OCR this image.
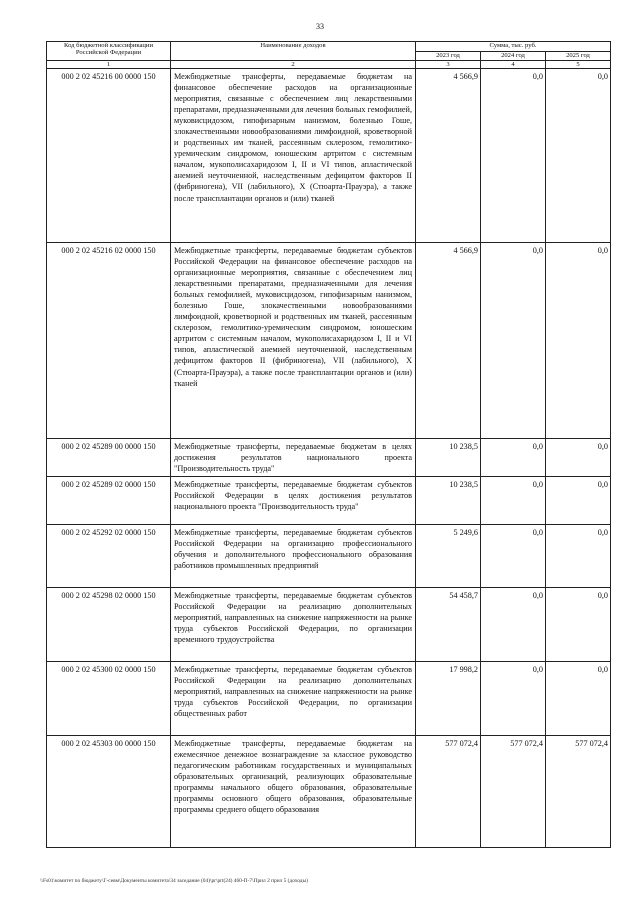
33
Код бюджетной классификации Российской Федерации	Наименование доходов	Сумма, тыс. руб.		
		2023 год	2024 год	2025 год
1	2	3	4	5
000 2 02 45216 00 0000 150	Межбюджетные трансферты, передаваемые бюджетам на финансовое обеспечение расходов на организационные мероприятия, связанные с обеспечением лиц лекарственными препаратами, предназначенными для лечения больных гемофилией, муковисцидозом, гипофизарным нанизмом, болезнью Гоше, злокачественными новообразованиями лимфоидной, кроветворной и родственных им тканей, рассеянным склерозом, гемолитико-уремическим синдромом, юношеским артритом с системным началом, мукополисахаридозом I, II и VI типов, апластической анемией неуточненной, наследственным дефицитом факторов II (фибриногена), VII (лабильного), X (Стюарта-Прауэра), а также после трансплантации органов и (или) тканей	4 566,9	0,0	0,0
000 2 02 45216 02 0000 150	Межбюджетные трансферты, передаваемые бюджетам субъектов Российской Федерации на финансовое обеспечение расходов на организационные мероприятия, связанные с обеспечением лиц лекарственными препаратами, предназначенными для лечения больных гемофилией, муковисцидозом, гипофизарным нанизмом, болезнью Гоше, злокачественными новообразованиями лимфоидной, кроветворной и родственных им тканей, рассеянным склерозом, гемолитико-уремическим синдромом, юношеским артритом с системным началом, мукополисахаридозом I, II и VI типов, апластической анемией неуточненной, наследственным дефицитом факторов II (фибриногена), VII (лабильного), X (Стюарта-Прауэра), а также после трансплантации органов и (или) тканей	4 566,9	0,0	0,0
000 2 02 45289 00 0000 150	Межбюджетные трансферты, передаваемые бюджетам в целях достижения результатов национального проекта "Производительность труда"	10 238,5	0,0	0,0
000 2 02 45289 02 0000 150	Межбюджетные трансферты, передаваемые бюджетам субъектов Российской Федерации в целях достижения результатов национального проекта "Производительность труда"	10 238,5	0,0	0,0
000 2 02 45292 02 0000 150	Межбюджетные трансферты, передаваемые бюджетам субъектов Российской Федерации на организацию профессионального обучения и дополнительного профессионального образования работников промышленных предприятий	5 249,6	0,0	0,0
000 2 02 45298 02 0000 150	Межбюджетные трансферты, передаваемые бюджетам субъектов Российской Федерации на реализацию дополнительных мероприятий, направленных на снижение напряженности на рынке труда субъектов Российской Федерации, по организации временного трудоустройства	54 458,7	0,0	0,0
000 2 02 45300 02 0000 150	Межбюджетные трансферты, передаваемые бюджетам субъектов Российской Федерации на реализацию дополнительных мероприятий, направленных на снижение напряженности на рынке труда субъектов Российской Федерации, по организации общественных работ	17 998,2	0,0	0,0
000 2 02 45303 00 0000 150	Межбюджетные трансферты, передаваемые бюджетам на ежемесячное денежное вознаграждение за классное руководство педагогическим работникам государственных и муниципальных образовательных организаций, реализующих образовательные программы начального общего образования, образовательные программы основного общего образования, образовательные программы среднего общего образования	577 072,4	577 072,4	577 072,4
\\Fs01\комитет по бюджету\Г-севм\Документы комитета\34 заседание (04)\pr\prt(24) 460-П-7\Прил 2 прил 5 (доходы)
